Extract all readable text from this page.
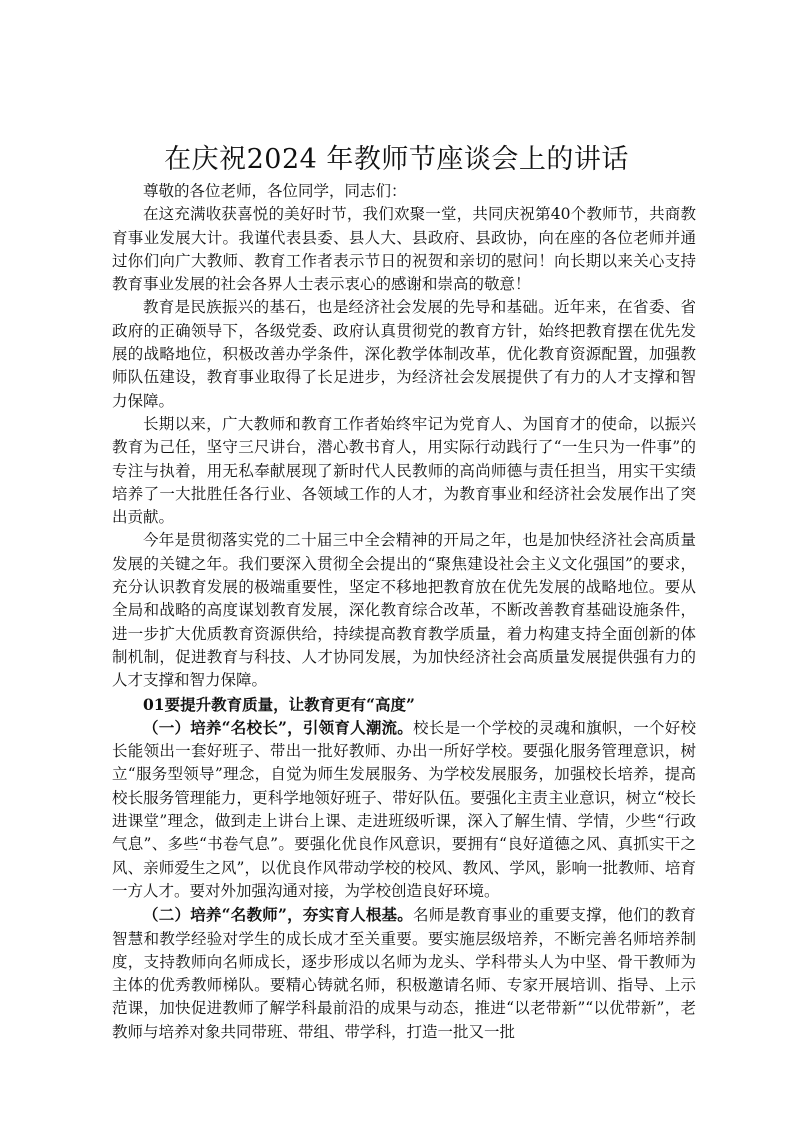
在庆祝2024 年教师节座谈会上的讲话

尊敬的各位老师，各位同学，同志们：

在这充满收获喜悦的美好时节，我们欢聚一堂，共同庆祝第40个教师节，共商教育事业发展大计。我谨代表县委、县人大、县政府、县政协，向在座的各位老师并通过你们向广大教师、教育工作者表示节日的祝贺和亲切的慰问！向长期以来关心支持教育事业发展的社会各界人士表示衷心的感谢和崇高的敬意！

教育是民族振兴的基石，也是经济社会发展的先导和基础。近年来，在省委、省政府的正确领导下，各级党委、政府认真贯彻党的教育方针，始终把教育摆在优先发展的战略地位，积极改善办学条件，深化教学体制改革，优化教育资源配置，加强教师队伍建设，教育事业取得了长足进步，为经济社会发展提供了有力的人才支撑和智力保障。

长期以来，广大教师和教育工作者始终牢记为党育人、为国育才的使命，以振兴教育为己任，坚守三尺讲台，潜心教书育人，用实际行动践行了“一生只为一件事”的专注与执着，用无私奉献展现了新时代人民教师的高尚师德与责任担当，用实干实绩培养了一大批胜任各行业、各领域工作的人才，为教育事业和经济社会发展作出了突出贡献。

今年是贯彻落实党的二十届三中全会精神的开局之年，也是加快经济社会高质量发展的关键之年。我们要深入贯彻全会提出的“聚焦建设社会主义文化强国”的要求，充分认识教育发展的极端重要性，坚定不移地把教育放在优先发展的战略地位。要从全局和战略的高度谋划教育发展，深化教育综合改革，不断改善教育基础设施条件，进一步扩大优质教育资源供给，持续提高教育教学质量，着力构建支持全面创新的体制机制，促进教育与科技、人才协同发展，为加快经济社会高质量发展提供强有力的人才支撑和智力保障。

01要提升教育质量，让教育更有“高度”

（一）培养“名校长”，引领育人潮流。校长是一个学校的灵魂和旗帜，一个好校长能领出一套好班子、带出一批好教师、办出一所好学校。要强化服务管理意识，树立“服务型领导”理念，自觉为师生发展服务、为学校发展服务，加强校长培养，提高校长服务管理能力，更科学地领好班子、带好队伍。要强化主责主业意识，树立“校长进课堂”理念，做到走上讲台上课、走进班级听课，深入了解生情、学情，少些“行政气息”、多些“书卷气息”。要强化优良作风意识，要拥有“良好道德之风、真抓实干之风、亲师爱生之风”，以优良作风带动学校的校风、教风、学风，影响一批教师、培育一方人才。要对外加强沟通对接，为学校创造良好环境。

（二）培养“名教师”，夯实育人根基。名师是教育事业的重要支撑，他们的教育智慧和教学经验对学生的成长成才至关重要。要实施层级培养，不断完善名师培养制度，支持教师向名师成长，逐步形成以名师为龙头、学科带头人为中坚、骨干教师为主体的优秀教师梯队。要精心铸就名师，积极邀请名师、专家开展培训、指导、上示范课，加快促进教师了解学科最前沿的成果与动态，推进“以老带新”“以优带新”，老教师与培养对象共同带班、带组、带学科，打造一批又一批
